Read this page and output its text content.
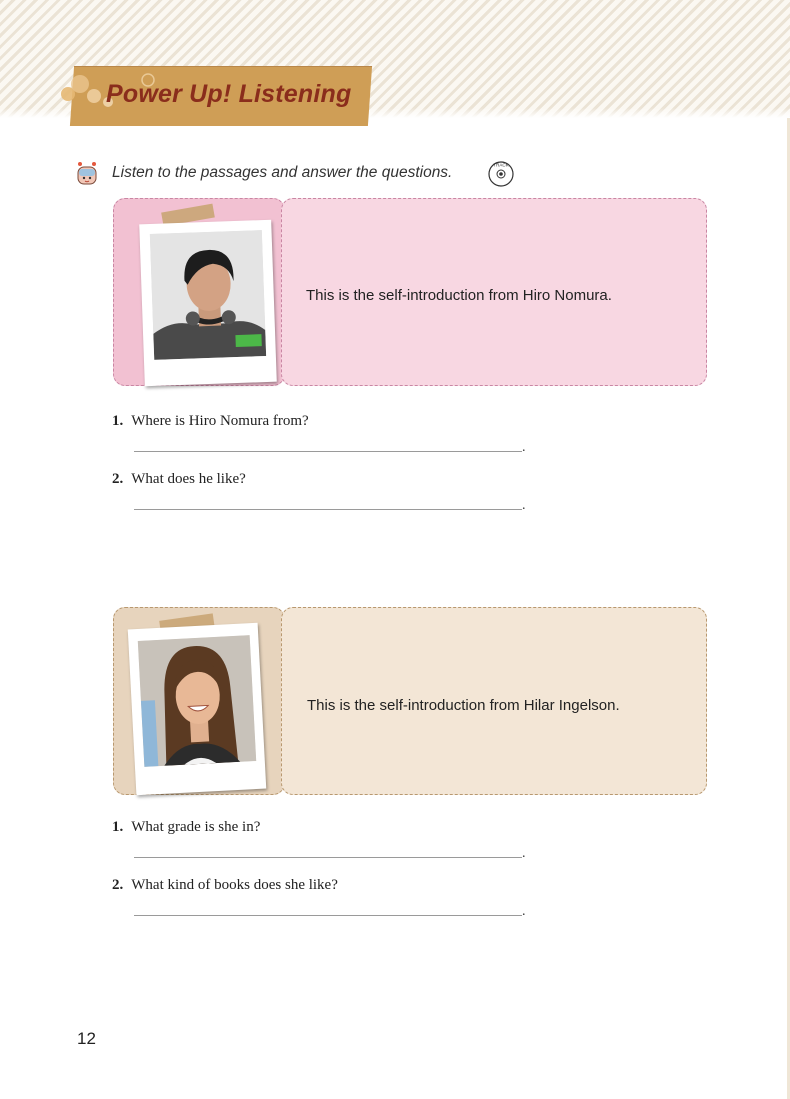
Power Up! Listening
Listen to the passages and answer the questions.	TRACK
This is the self-introduction from Hiro Nomura.
1. Where is Hiro Nomura from?
.
2. What does he like?
.
This is the self-introduction from Hilar Ingelson.
1. What grade is she in?
.
2. What kind of books does she like?
.
12
